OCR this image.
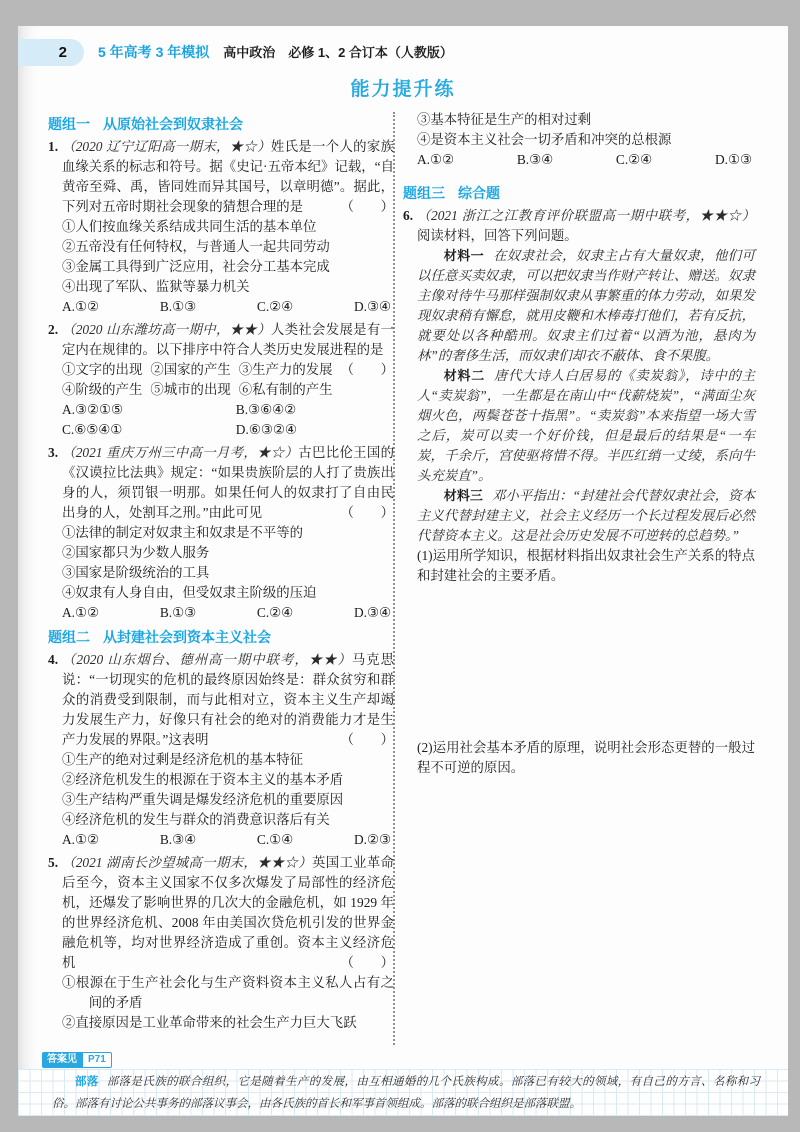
2	5 年高考 3 年模拟 高中政治　必修 1、2 合订本（人教版）
能力提升练
题组一 从原始社会到奴隶社会
1. （2020 辽宁辽阳高一期末，★☆）姓氏是一个人的家族血缘关系的标志和符号。据《史记·五帝本纪》记载，“自黄帝至舜、禹，皆同姓而异其国号，以章明德”。据此，下列对五帝时期社会现象的猜想合理的是	（　　）

①人们按血缘关系结成共同生活的基本单位
②五帝没有任何特权，与普通人一起共同劳动
③金属工具得到广泛应用，社会分工基本完成
④出现了军队、监狱等暴力机关
A.①②	B.①③	C.②④	D.③④
2. （2020 山东潍坊高一期中，★★）人类社会发展是有一定内在规律的。以下排序中符合人类历史发展进程的是
（　　）

①文字的出现 ②国家的产生 ③生产力的发展
④阶级的产生 ⑤城市的出现 ⑥私有制的产生
A.③②①⑤	B.③⑥④②
C.⑥⑤④①	D.⑥③②④
3. （2021 重庆万州三中高一月考，★☆）古巴比伦王国的《汉谟拉比法典》规定：“如果贵族阶层的人打了贵族出身的人，须罚银一明那。如果任何人的奴隶打了自由民出身的人，处割耳之刑。”由此可见	（　　）

①法律的制定对奴隶主和奴隶是不平等的
②国家都只为少数人服务
③国家是阶级统治的工具
④奴隶有人身自由，但受奴隶主阶级的压迫
A.①②	B.①③	C.②④	D.③④
题组二 从封建社会到资本主义社会
4. （2020 山东烟台、德州高一期中联考，★★）马克思说：“一切现实的危机的最终原因始终是：群众贫穷和群众的消费受到限制，而与此相对立，资本主义生产却竭力发展生产力，好像只有社会的绝对的消费能力才是生产力发展的界限。”这表明	（　　）

①生产的绝对过剩是经济危机的基本特征
②经济危机发生的根源在于资本主义的基本矛盾
③生产结构严重失调是爆发经济危机的重要原因
④经济危机的发生与群众的消费意识落后有关
A.①②	B.③④	C.①④	D.②③
5. （2021 湖南长沙望城高一期末，★★☆）英国工业革命后至今，资本主义国家不仅多次爆发了局部性的经济危机，还爆发了影响世界的几次大的金融危机，如 1929 年的世界经济危机、2008 年由美国次贷危机引发的世界金融危机等，均对世界经济造成了重创。资本主义经济危机	（　　）

①根源在于生产社会化与生产资料资本主义私人占有之间的矛盾
②直接原因是工业革命带来的社会生产力巨大飞跃
③基本特征是生产的相对过剩
④是资本主义社会一切矛盾和冲突的总根源
A.①②	B.③④	C.②④	D.①③
题组三 综合题
6. （2021 浙江之江教育评价联盟高一期中联考，★★☆）阅读材料，回答下列问题。

材料一 在奴隶社会，奴隶主占有大量奴隶，他们可以任意买卖奴隶，可以把奴隶当作财产转让、赠送。奴隶主像对待牛马那样强制奴隶从事繁重的体力劳动，如果发现奴隶稍有懈怠，就用皮鞭和木棒毒打他们，若有反抗，就要处以各种酷刑。奴隶主们过着“以酒为池，悬肉为林”的奢侈生活，而奴隶们却衣不蔽体、食不果腹。

材料二 唐代大诗人白居易的《卖炭翁》，诗中的主人“卖炭翁”，一生都是在南山中“伐薪烧炭”，“满面尘灰烟火色，两鬓苍苍十指黑”。“卖炭翁”本来指望一场大雪之后，炭可以卖一个好价钱，但是最后的结果是“一车炭，千余斤，宫使驱将惜不得。半匹红绡一丈绫，系向牛头充炭直”。

材料三 邓小平指出：“封建社会代替奴隶社会，资本主义代替封建主义，社会主义经历一个长过程发展后必然代替资本主义。这是社会历史发展不可逆转的总趋势。”

(1)运用所学知识，根据材料指出奴隶社会生产关系的特点和封建社会的主要矛盾。

(2)运用社会基本矛盾的原理，说明社会形态更替的一般过程不可逆的原因。

答案见	P71

部落 部落是氏族的联合组织，它是随着生产的发展，由互相通婚的几个氏族构成。部落已有较大的领域，有自己的方言、名称和习俗。部落有讨论公共事务的部落议事会，由各氏族的首长和军事首领组成。部落的联合组织是部落联盟。
